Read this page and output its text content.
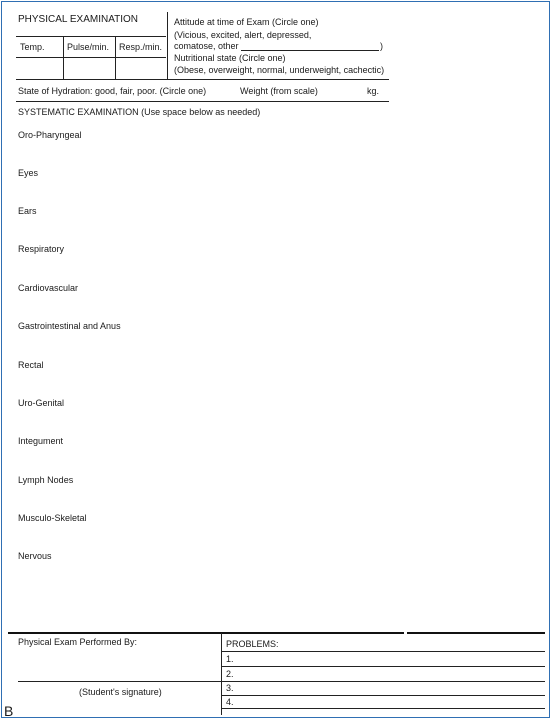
PHYSICAL EXAMINATION
Temp. Pulse/min. Resp./min.
Attitude at time of Exam (Circle one)
(Vicious, excited, alert, depressed,
comatose, other	)
Nutritional state (Circle one)
(Obese, overweight, normal, underweight, cachectic)
State of Hydration: good, fair, poor. (Circle one)	Weight (from scale)	kg.
SYSTEMATIC EXAMINATION (Use space below as needed)
Oro-Pharyngeal
Eyes
Ears
Respiratory
Cardiovascular
Gastrointestinal and Anus
Rectal
Uro-Genital
Integument
Lymph Nodes
Musculo-Skeletal
Nervous
Physical Exam Performed By:
(Student's signature)
PROBLEMS:
1.
2.
3.
4.
B
